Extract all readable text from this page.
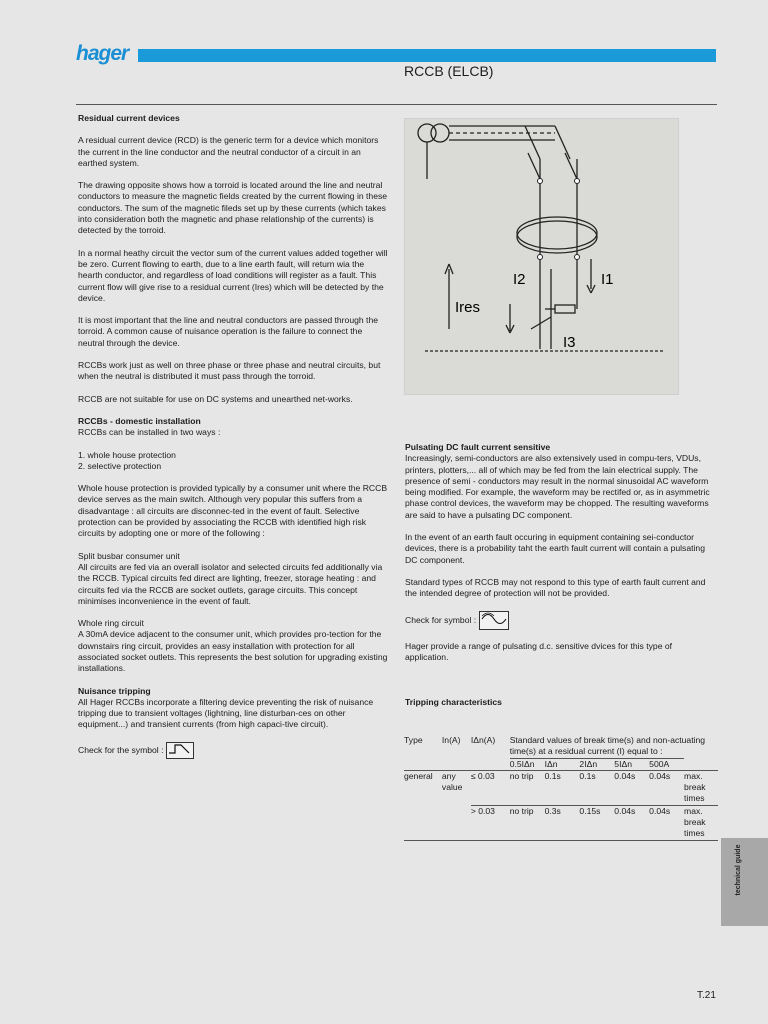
hager
RCCB (ELCB)

Residual current devices

A residual current device (RCD) is the generic term for a device which monitors the current in the line conductor and the neutral conductor of a circuit in an earthed system.

The drawing opposite shows how a torroid is located around the line and neutral conductors to measure the magnetic fields created by the current flowing in these conductors. The sum of the magnetic fileds set up by these currents (which takes into consideration both the magnetic and phase relationship of the currents) is detected by the torroid.

In a normal heathy circuit the vector sum of the current values added together will be zero. Current flowing to earth, due to a line earth fault, will return wia the hearth conductor, and regardless of load conditions will register as a fault. This current flow will give rise to a residual current (Ires) which will be detected by the device.

It is most important that the line and neutral conductors are passed through the torroid. A common cause of nuisance operation is the failure to connect the neutral through the device.

RCCBs work just as well on three phase or three phase and neutral circuits, but when the neutral is distributed it must pass through the torroid.

RCCB are not suitable for use on DC systems and unearthed net-works.

RCCBs - domestic installation

RCCBs can be installed in two ways :

1. whole house protection

2. selective protection

Whole house protection is provided typically by a consumer unit where the RCCB device serves as the main switch. Although very popular this suffers from a disadvantage : all circuits are disconnec-ted in the event of fault. Selective protection can be provided by associating the RCCB with identified high risk circuits by adopting one or more of the following :

Split busbar consumer unit
All circuits are fed via an overall isolator and selected circuits fed additionally via the RCCB. Typical circuits fed direct are lighting, freezer, storage heating : and circuits fed via the RCCB are socket outlets, garage circuits. This concept minimises inconvenience in the event of fault.

Whole ring circuit
A 30mA device adjacent to the consumer unit, which provides pro-tection for the downstairs ring circuit, provides an easy installation with protection for all associated socket outlets. This represents the best solution for upgrading existing installations.

Nuisance tripping

All Hager RCCBs incorporate a filtering device preventing the risk of nuisance tripping due to transient voltages (lightning, line disturban-ces on other equipment...) and transient currents (from high capaci-tive circuit).

Check for the symbol :

I2	I1
Ires
I3

Pulsating DC fault current sensitive

Increasingly, semi-conductors are also extensively used in compu-ters, VDUs, printers, plotters,... all of which may be fed from the lain electrical supply. The presence of semi - conductors may result in the normal sinusoidal AC waveform being modified. For example, the waveform may be rectifed or, as in asymmetric phase control devices, the waveform may be chopped. The resulting waveforms are said to have a pulsating DC component.

In the event of an earth fault occuring in equipment containing sei-conductor devices, there is a probability taht the earth fault current will contain a pulsating DC component.

Standard types of RCCB may not respond to this type of earth fault current and the intended degree of protection will not be provided.

Check for symbol :

Hager provide a range of pulsating d.c. sensitive dvices for this type of application.

Tripping characteristics

Type	In(A)	IΔn(A)	Standard values of break time(s) and non-actuating time(s) at a residual current (I) equal to :					
			0.5IΔn	IΔn	2IΔn	5IΔn	500A	
general	any value	≤ 0.03	no trip	0.1s	0.1s	0.04s	0.04s	max. break times
		> 0.03	no trip	0.3s	0.15s	0.04s	0.04s	max. break times

technical guide
T.21
